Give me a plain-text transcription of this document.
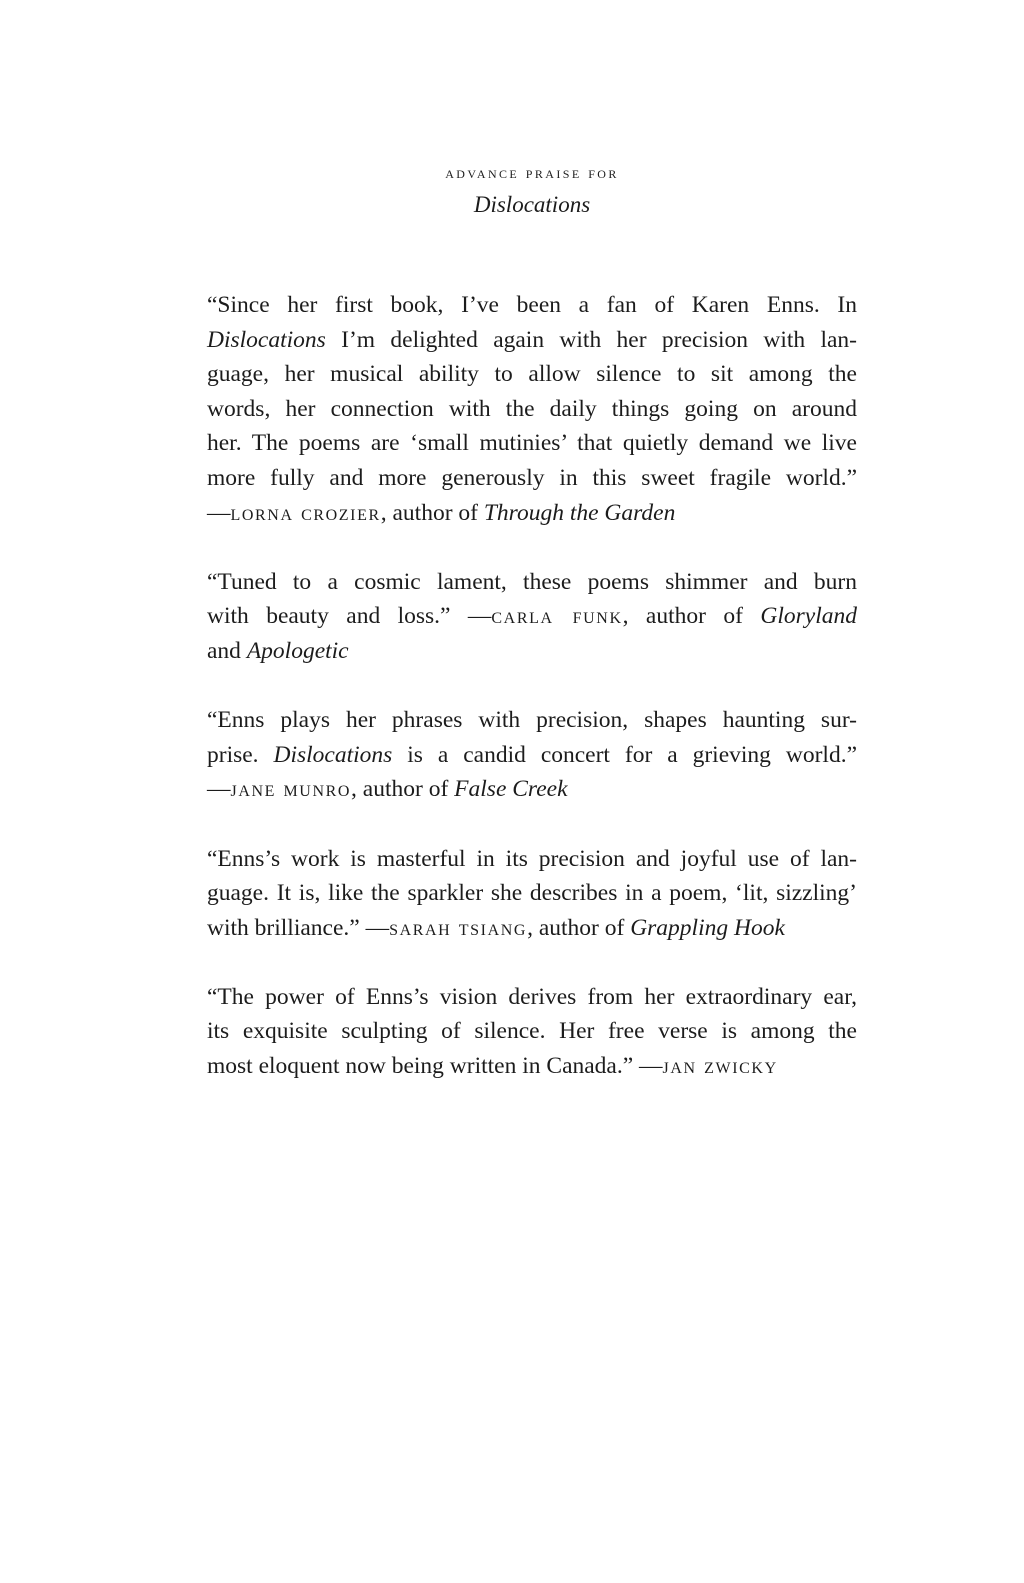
advance praise for
Dislocations

“Since her first book, I’ve been a fan of Karen Enns. In
Dislocations I’m delighted again with her precision with lan-
guage, her musical ability to allow silence to sit among the
words, her connection with the daily things going on around
her. The poems are ‘small mutinies’ that quietly demand we live
more fully and more generously in this sweet fragile world.”
—lorna crozier, author of Through the Garden

“Tuned to a cosmic lament, these poems shimmer and burn
with beauty and loss.” —carla funk, author of Gloryland
and Apologetic

“Enns plays her phrases with precision, shapes haunting sur-
prise. Dislocations is a candid concert for a grieving world.”
—jane munro, author of False Creek

“Enns’s work is masterful in its precision and joyful use of lan-
guage. It is, like the sparkler she describes in a poem, ‘lit, sizzling’
with brilliance.” —sarah tsiang, author of Grappling Hook

“The power of Enns’s vision derives from her extraordinary ear,
its exquisite sculpting of silence. Her free verse is among the
most eloquent now being written in Canada.” —jan zwicky
